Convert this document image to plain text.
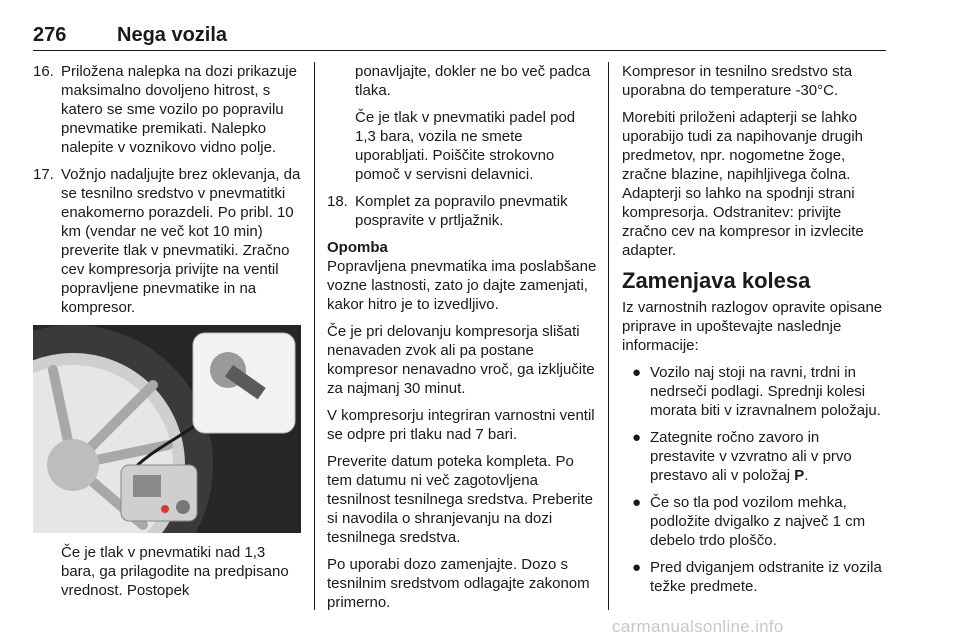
276	Nega vozila
16. Priložena nalepka na dozi prikazuje maksimalno dovoljeno hitrost, s katero se sme vozilo po popravilu pnevmatike premikati. Nalepko nalepite v voznikovo vidno polje.
17. Vožnjo nadaljujte brez oklevanja, da se tesnilno sredstvo v pnevmatitki enakomerno porazdeli. Po pribl. 10 km (vendar ne več kot 10 min) preverite tlak v pnevmatiki. Zračno cev kompresorja privijte na ventil popravljene pnevmatike in na kompresor.

Če je tlak v pnevmatiki nad 1,3 bara, ga prilagodite na predpisano vrednost. Postopek

ponavljajte, dokler ne bo več padca tlaka.

Če je tlak v pnevmatiki padel pod 1,3 bara, vozila ne smete uporabljati. Poiščite strokovno pomoč v servisni delavnici.

18. Komplet za popravilo pnevmatik pospravite v prtljažnik.

Opomba

Popravljena pnevmatika ima poslabšane vozne lastnosti, zato jo dajte zamenjati, kakor hitro je to izvedljivo.

Če je pri delovanju kompresorja slišati nenavaden zvok ali pa postane kompresor nenavadno vroč, ga izključite za najmanj 30 minut.

V kompresorju integriran varnostni ventil se odpre pri tlaku nad 7 bari.

Preverite datum poteka kompleta. Po tem datumu ni več zagotovljena tesnilnost tesnilnega sredstva. Preberite si navodila o shranjevanju na dozi tesnilnega sredstva.

Po uporabi dozo zamenjajte. Dozo s tesnilnim sredstvom odlagajte zakonom primerno.

Kompresor in tesnilno sredstvo sta uporabna do temperature -30°C.

Morebiti priloženi adapterji se lahko uporabijo tudi za napihovanje drugih predmetov, npr. nogometne žoge, zračne blazine, napihljivega čolna. Adapterji so lahko na spodnji strani kompresorja. Odstranitev: privijte zračno cev na kompresor in izvlecite adapter.

Zamenjava kolesa

Iz varnostnih razlogov opravite opisane priprave in upoštevajte naslednje informacije:

● Vozilo naj stoji na ravni, trdni in nedrseči podlagi. Sprednji kolesi morata biti v izravnalnem položaju.
● Zategnite ročno zavoro in prestavite v vzvratno ali v prvo prestavo ali v položaj P.
● Če so tla pod vozilom mehka, podložite dvigalko z največ 1 cm debelo trdo ploščo.
● Pred dviganjem odstranite iz vozila težke predmete.
carmanualsonline.info
